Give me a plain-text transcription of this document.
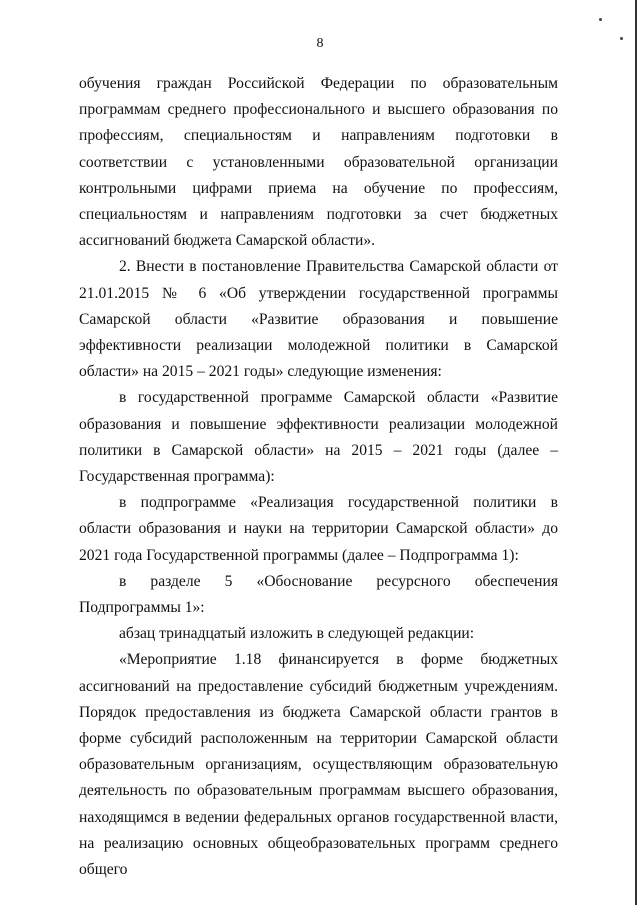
8

обучения граждан Российской Федерации по образовательным программам среднего профессионального и высшего образования по профессиям, специальностям и направлениям подготовки в соответствии с установленными образовательной организации контрольными цифрами приема на обучение по профессиям, специальностям и направлениям подготовки за счет бюджетных ассигнований бюджета Самарской области».

2. Внести в постановление Правительства Самарской области от 21.01.2015 № 6 «Об утверждении государственной программы Самарской области «Развитие образования и повышение эффективности реализации молодежной политики в Самарской области» на 2015 – 2021 годы» следующие изменения:

в государственной программе Самарской области «Развитие образования и повышение эффективности реализации молодежной политики в Самарской области» на 2015 – 2021 годы (далее – Государственная программа):

в подпрограмме «Реализация государственной политики в области образования и науки на территории Самарской области» до 2021 года Государственной программы (далее – Подпрограмма 1):

в разделе 5 «Обоснование ресурсного обеспечения Подпрограммы 1»:

абзац тринадцатый изложить в следующей редакции:

«Мероприятие 1.18 финансируется в форме бюджетных ассигнований на предоставление субсидий бюджетным учреждениям. Порядок предоставления из бюджета Самарской области грантов в форме субсидий расположенным на территории Самарской области образовательным организациям, осуществляющим образовательную деятельность по образовательным программам высшего образования, находящимся в ведении федеральных органов государственной власти, на реализацию основных общеобразовательных программ среднего общего
